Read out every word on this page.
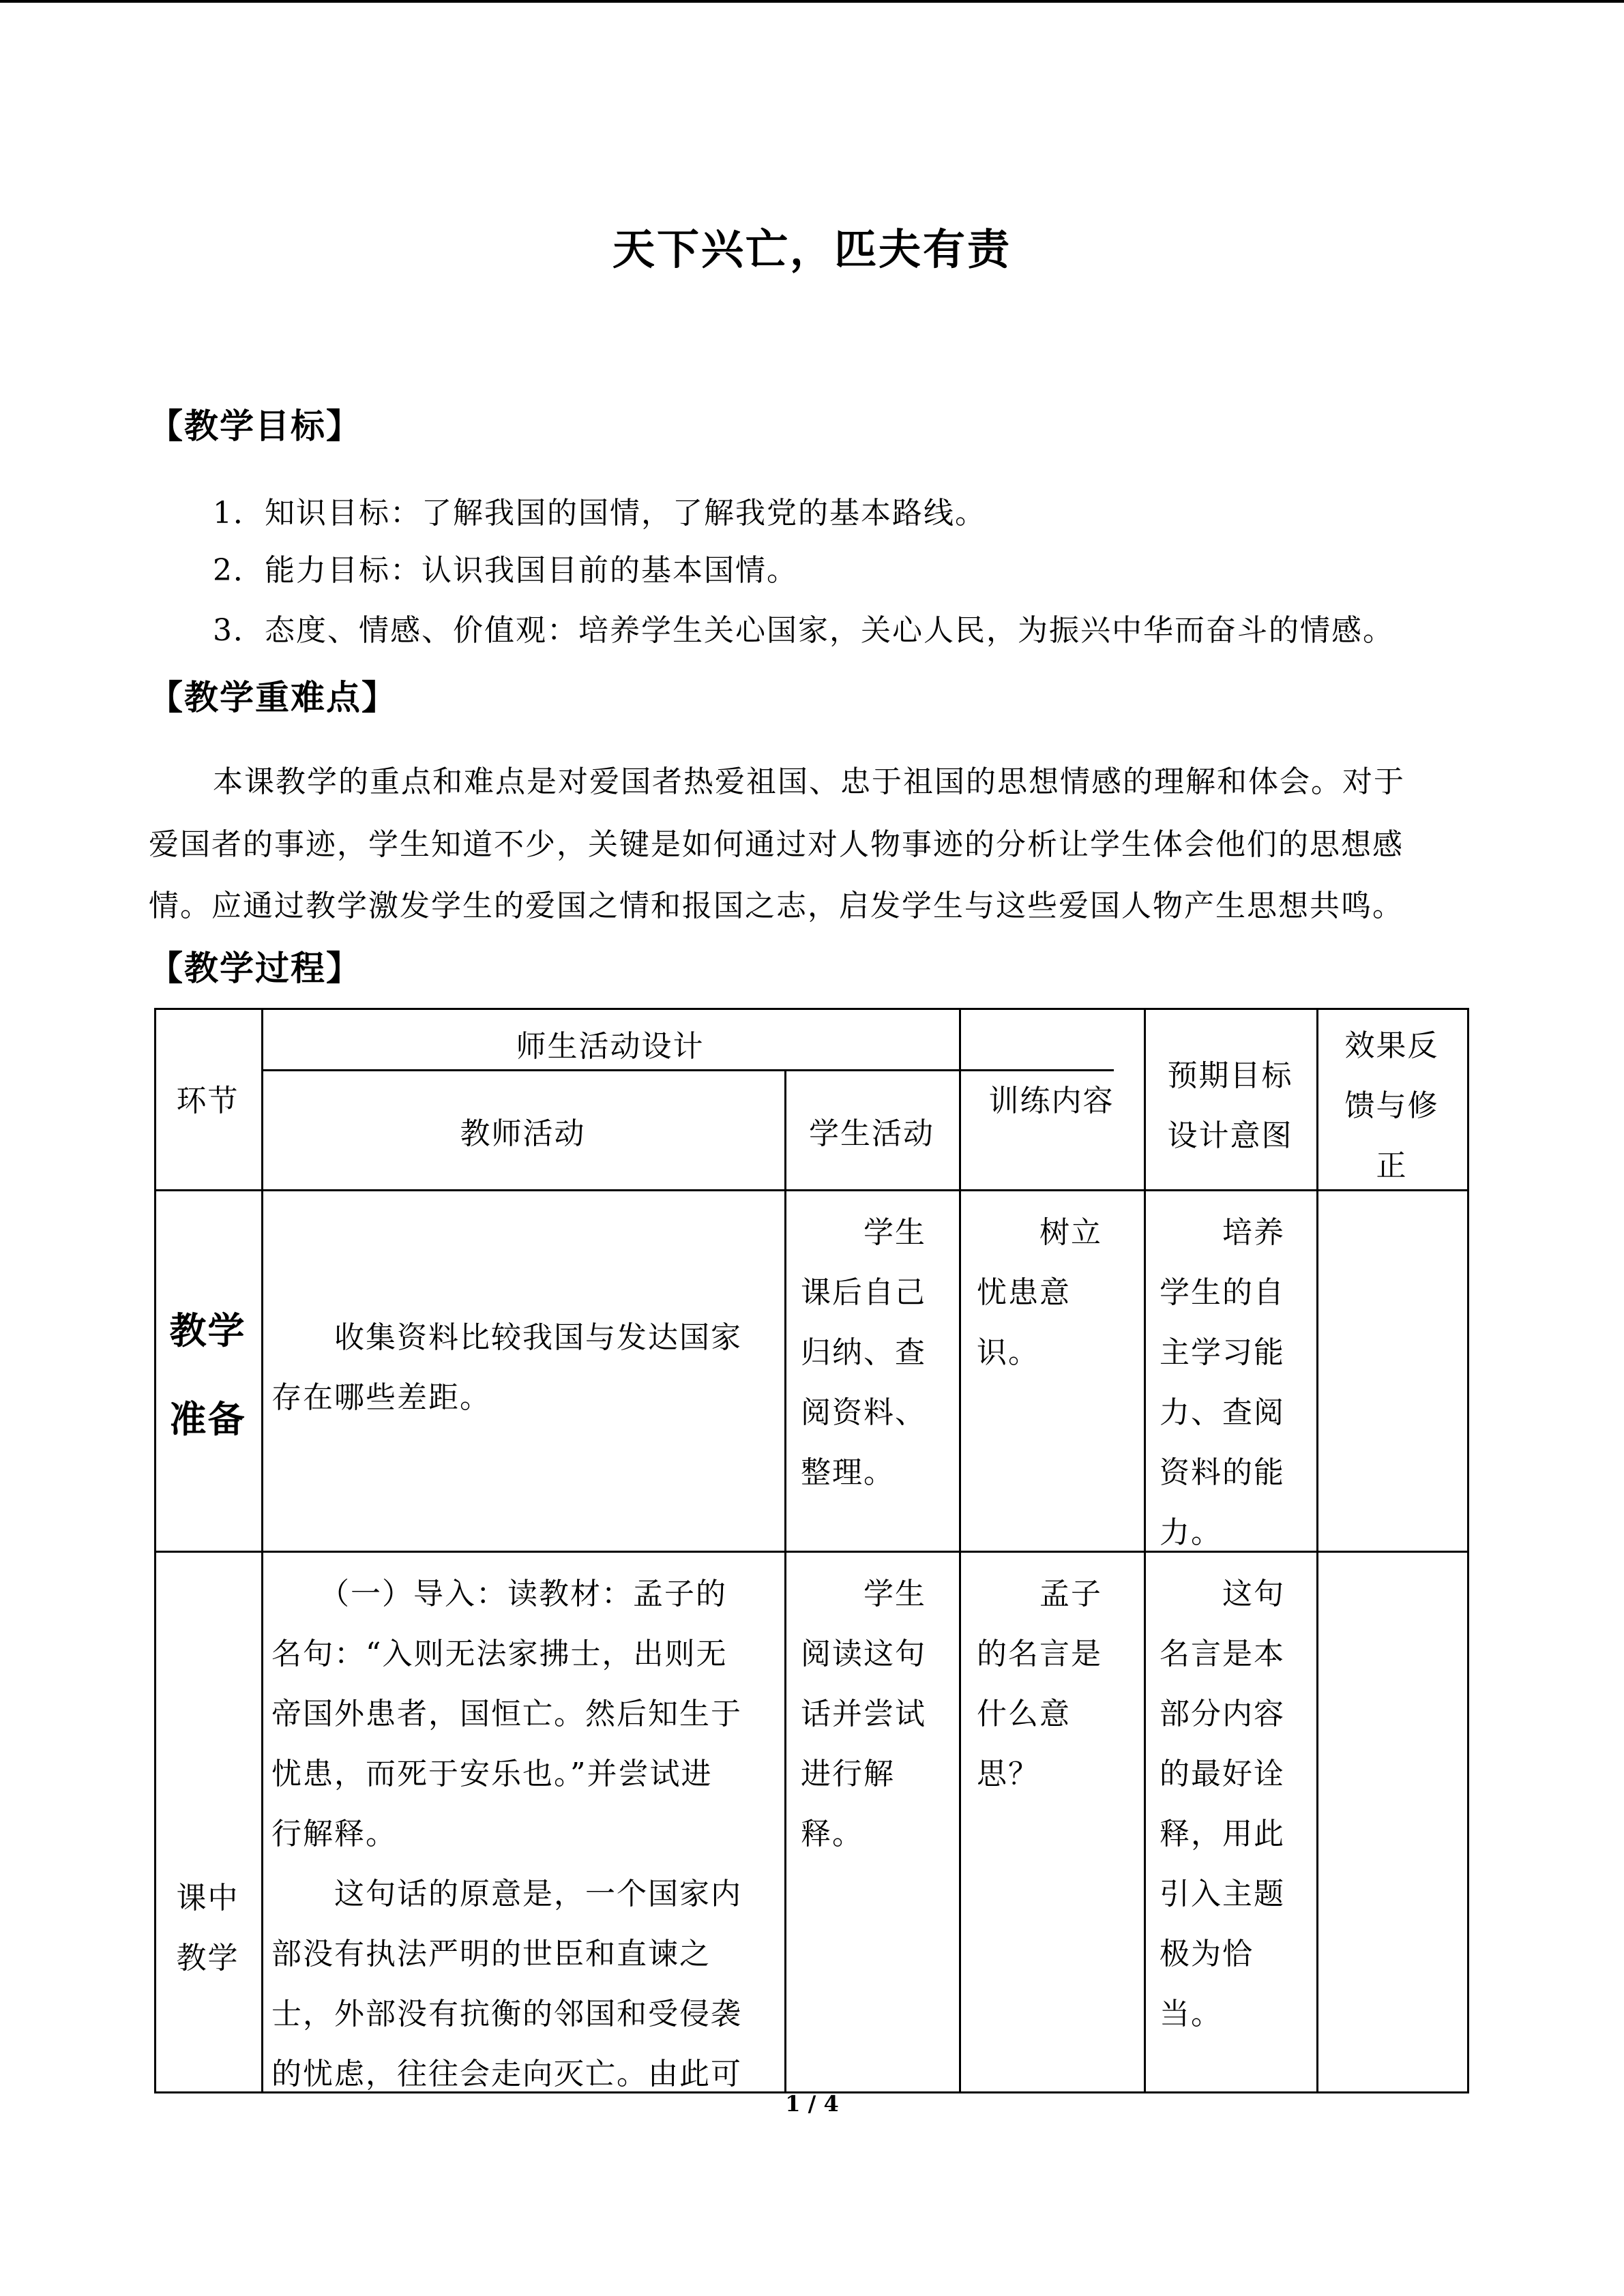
天下兴亡，匹夫有责
【教学目标】
1．知识目标：了解我国的国情，了解我党的基本路线。
2．能力目标：认识我国目前的基本国情。
3．态度、情感、价值观：培养学生关心国家，关心人民，为振兴中华而奋斗的情感。
【教学重难点】
本课教学的重点和难点是对爱国者热爱祖国、忠于祖国的思想情感的理解和体会。对于
爱国者的事迹，学生知道不少，关键是如何通过对人物事迹的分析让学生体会他们的思想感
情。应通过教学激发学生的爱国之情和报国之志，启发学生与这些爱国人物产生思想共鸣。
【教学过程】
环节
师生活动设计
教师活动	学生活动
训练内容
预期目标
设计意图
效果反
馈与修
正
教学
准备
　　收集资料比较我国与发达国家
存在哪些差距。
　　学生
课后自己
归纳、查
阅资料、
整理。
　　树立
忧患意
识。
　　培养
学生的自
主学习能
力、查阅
资料的能
力。
课中
教学
　　（一）导入：读教材：孟子的
名句：“入则无法家拂士，出则无
帝国外患者，国恒亡。然后知生于
忧患，而死于安乐也。”并尝试进
行解释。
　　这句话的原意是，一个国家内
部没有执法严明的世臣和直谏之
士，外部没有抗衡的邻国和受侵袭
的忧虑，往往会走向灭亡。由此可
　　学生
阅读这句
话并尝试
进行解
释。
　　孟子
的名言是
什么意
思？
　　这句
名言是本
部分内容
的最好诠
释，用此
引入主题
极为恰
当。
1 / 4
